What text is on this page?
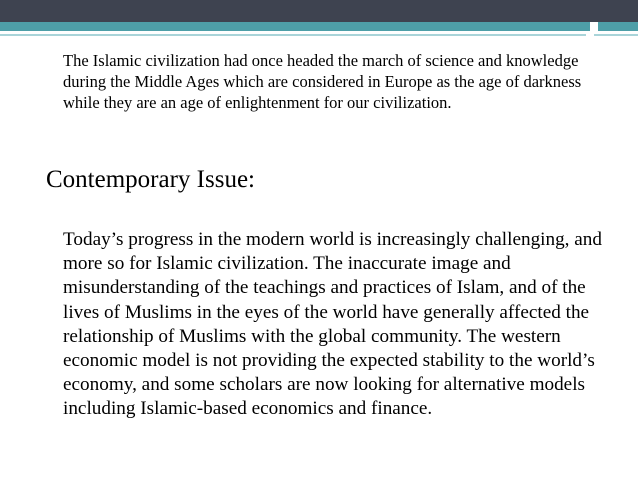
The Islamic civilization had once headed the march of science and knowledge during the Middle Ages which are considered in Europe as the age of darkness while they are an age of enlightenment for our civilization.
Contemporary Issue:
Today’s progress in the modern world is increasingly challenging, and more so for Islamic civilization. The inaccurate image and misunderstanding of the teachings and practices of Islam, and of the lives of Muslims in the eyes of the world have generally affected the relationship of Muslims with the global community. The western economic model is not providing the expected stability to the world’s economy, and some scholars are now looking for alternative models including Islamic-based economics and finance.
